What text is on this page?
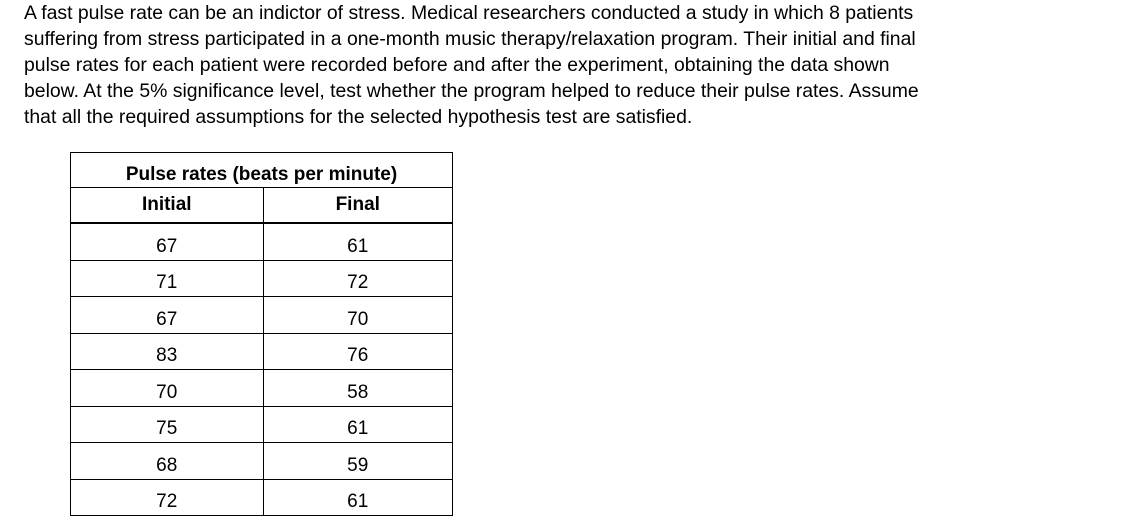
A fast pulse rate can be an indictor of stress. Medical researchers conducted a study in which 8 patients
suffering from stress participated in a one-month music therapy/relaxation program. Their initial and final
pulse rates for each patient were recorded before and after the experiment, obtaining the data shown
below. At the 5% significance level, test whether the program helped to reduce their pulse rates. Assume
that all the required assumptions for the selected hypothesis test are satisfied.

Pulse rates (beats per minute)	
Initial	Final
67	61
71	72
67	70
83	76
70	58
75	61
68	59
72	61
